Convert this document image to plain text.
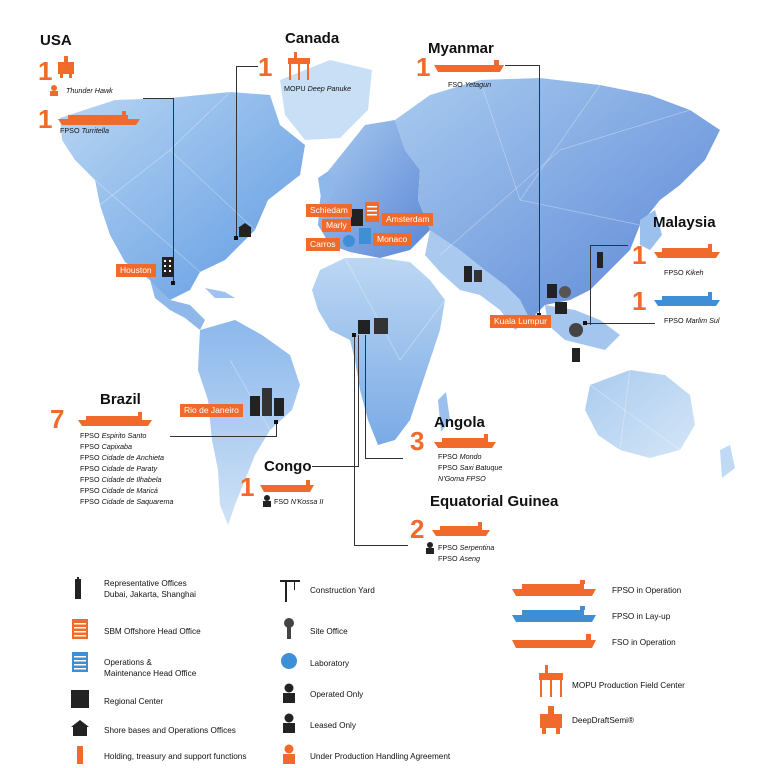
Schiedam
Marly
Amsterdam
Carros	Monaco
Houston
Kuala Lumpur
Rio de Janeiro
USA
1
Thunder Hawk
1 FPSO Turritella
Canada
1
MOPU Deep Panuke
Myanmar
1
FSO Yetagun
Malaysia
1
FPSO Kikeh
1
FPSO Marlim Sul
Brazil
7
FPSO Espirito Santo
FPSO Capixaba
FPSO Cidade de Anchieta
FPSO Cidade de Paraty
FPSO Cidade de Ilhabela
FPSO Cidade de Maricá
FPSO Cidade de Saquarema
Angola
3
FPSO Mondo
FPSO Saxi Batuque
N'Goma FPSO
Congo
1	FSO N'Kossa II	Equatorial Guinea
2
FPSO Serpentina
FPSO Aseng
Representative Offices
Dubai, Jakarta, Shanghai
SBM Offshore Head Office
Operations &
Maintenance Head Office
Regional Center
Shore bases and Operations Offices
Holding, treasury and support functions
Construction Yard
Site Office
Laboratory
Operated Only
Leased Only
Under Production Handling Agreement
FPSO in Operation
FPSO in Lay-up
FSO in Operation
MOPU Production Field Center
DeepDraftSemi®
